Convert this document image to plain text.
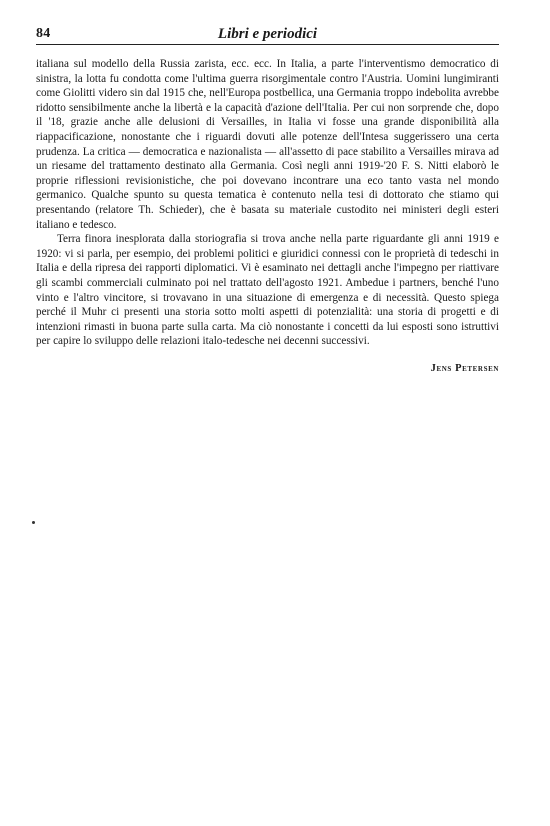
84	Libri e periodici

italiana sul modello della Russia zarista, ecc. ecc. In Italia, a parte l'interventismo democratico di sinistra, la lotta fu condotta come l'ultima guerra risorgimentale contro l'Austria. Uomini lungimiranti come Giolitti videro sin dal 1915 che, nell'Europa postbellica, una Germania troppo indebolita avrebbe ridotto sensibilmente anche la libertà e la capacità d'azione dell'Italia. Per cui non sorprende che, dopo il '18, grazie anche alle delusioni di Versailles, in Italia vi fosse una grande disponibilità alla riappacificazione, nonostante che i riguardi dovuti alle potenze dell'Intesa suggerissero una certa prudenza. La critica — democratica e nazionalista — all'assetto di pace stabilito a Versailles mirava ad un riesame del trattamento destinato alla Germania. Così negli anni 1919-'20 F. S. Nitti elaborò le proprie riflessioni revisionistiche, che poi dovevano incontrare una eco tanto vasta nel mondo germanico. Qualche spunto su questa tematica è contenuto nella tesi di dottorato che stiamo qui presentando (relatore Th. Schieder), che è basata su materiale custodito nei ministeri degli esteri italiano e tedesco.

Terra finora inesplorata dalla storiografia si trova anche nella parte riguardante gli anni 1919 e 1920: vi si parla, per esempio, dei problemi politici e giuridici connessi con le proprietà di tedeschi in Italia e della ripresa dei rapporti diplomatici. Vi è esaminato nei dettagli anche l'impegno per riattivare gli scambi commerciali culminato poi nel trattato dell'agosto 1921. Ambedue i partners, benché l'uno vinto e l'altro vincitore, si trovavano in una situazione di emergenza e di necessità. Questo spiega perché il Muhr ci presenti una storia sotto molti aspetti di potenzialità: una storia di progetti e di intenzioni rimasti in buona parte sulla carta. Ma ciò nonostante i concetti da lui esposti sono istruttivi per capire lo sviluppo delle relazioni italo-tedesche nei decenni successivi.

Jens Petersen
